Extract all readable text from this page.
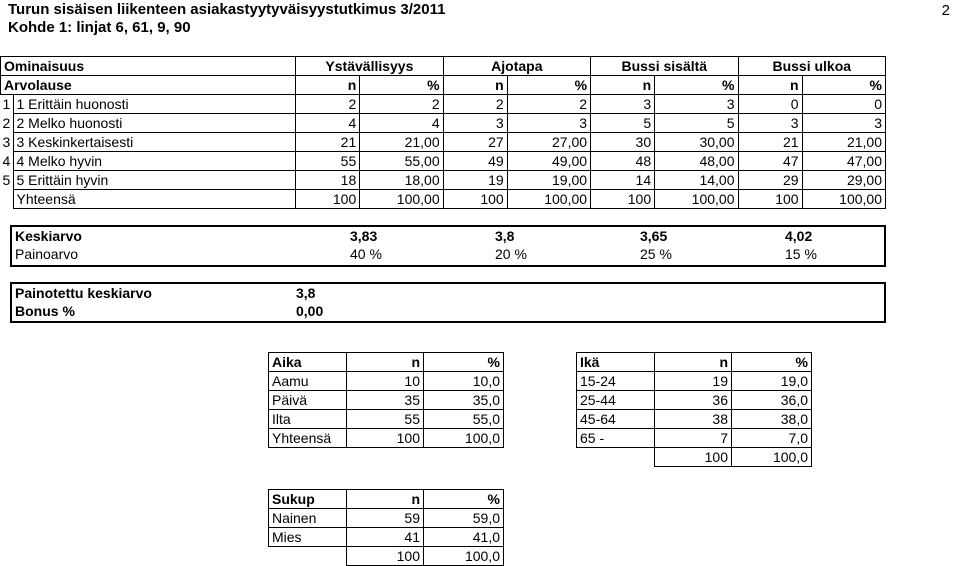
Turun sisäisen liikenteen asiakastyytyväisyystutkimus 3/2011
Kohde 1: linjat 6, 61, 9, 90
2
Ominaisuus		Ystävällisyys		Ajotapa		Bussi sisältä		Bussi ulkoa	
Arvolause		n	%	n	%	n	%	n	%
1	1 Erittäin huonosti	2	2	2	2	3	3	0	0
2	2 Melko huonosti	4	4	3	3	5	5	3	3
3	3 Keskinkertaisesti	21	21,00	27	27,00	30	30,00	21	21,00
4	4 Melko hyvin	55	55,00	49	49,00	48	48,00	47	47,00
5	5 Erittäin hyvin	18	18,00	19	19,00	14	14,00	29	29,00
	Yhteensä	100	100,00	100	100,00	100	100,00	100	100,00
Keskiarvo	3,83	3,8	3,65	4,02
Painoarvo	40 %	20 %	25 %	15 %
Painotettu keskiarvo	3,8
Bonus %	0,00
Aika	n	%
Aamu	10	10,0
Päivä	35	35,0
Ilta	55	55,0
Yhteensä	100	100,0
Ikä	n	%
15-24	19	19,0
25-44	36	36,0
45-64	38	38,0
65 -	7	7,0
	100	100,0
Sukup	n	%
Nainen	59	59,0
Mies	41	41,0
	100	100,0
